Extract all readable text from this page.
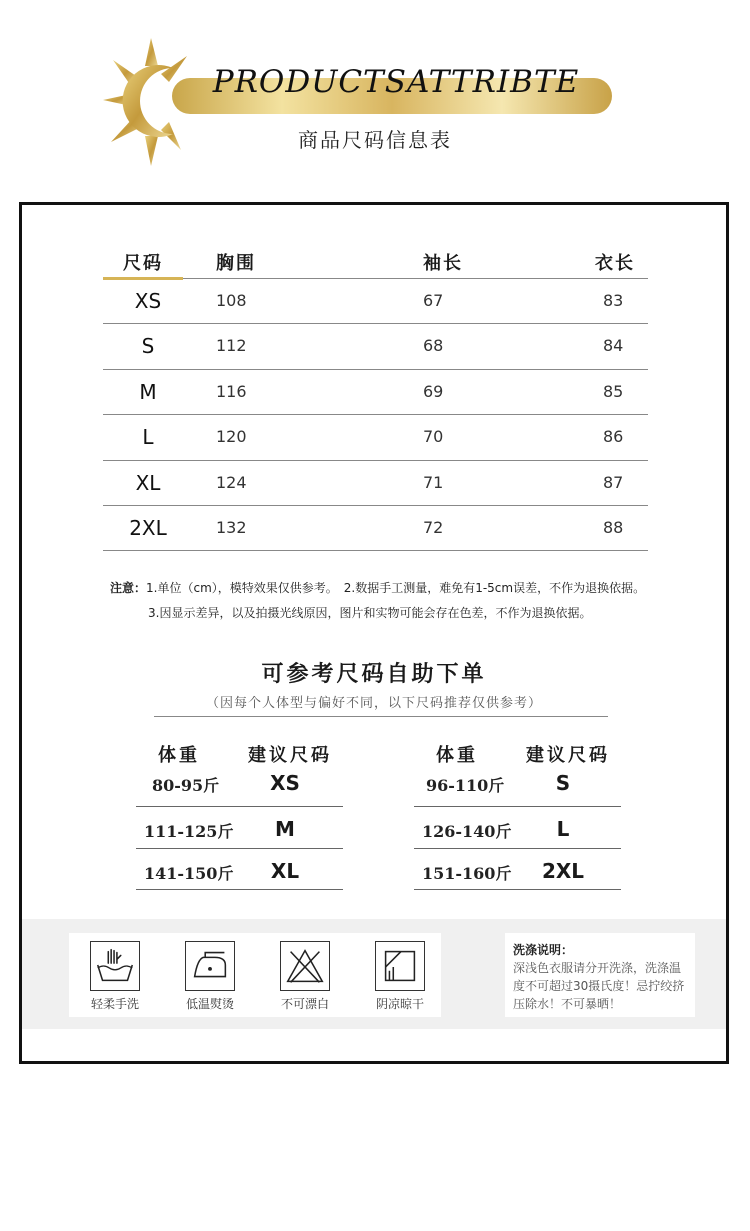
PRODUCTSATTRIBTE
商品尺码信息表
尺码	胸围	袖长	衣长
XS	108	67	83
S	112	68	84
M	116	69	85
L	120	70	86
XL	124	71	87
2XL	132	72	88
注意：1.单位（cm），模特效果仅供参考。　2.数据手工测量，难免有1-5cm误差，不作为退换依据。
3.因显示差异，以及拍摄光线原因，图片和实物可能会存在色差，不作为退换依据。
可参考尺码自助下单
（因每个人体型与偏好不同，以下尺码推荐仅供参考）
体重	建议尺码
80-95斤	XS
111-125斤	M
141-150斤	XL
体重	建议尺码
96-110斤	S
126-140斤	L
151-160斤	2XL
轻柔手洗	低温熨烫	不可漂白	阴凉晾干
洗涤说明：
深浅色衣服请分开洗涤，洗涤温度不可超过30摄氏度！忌拧绞挤压除水！不可暴晒！
